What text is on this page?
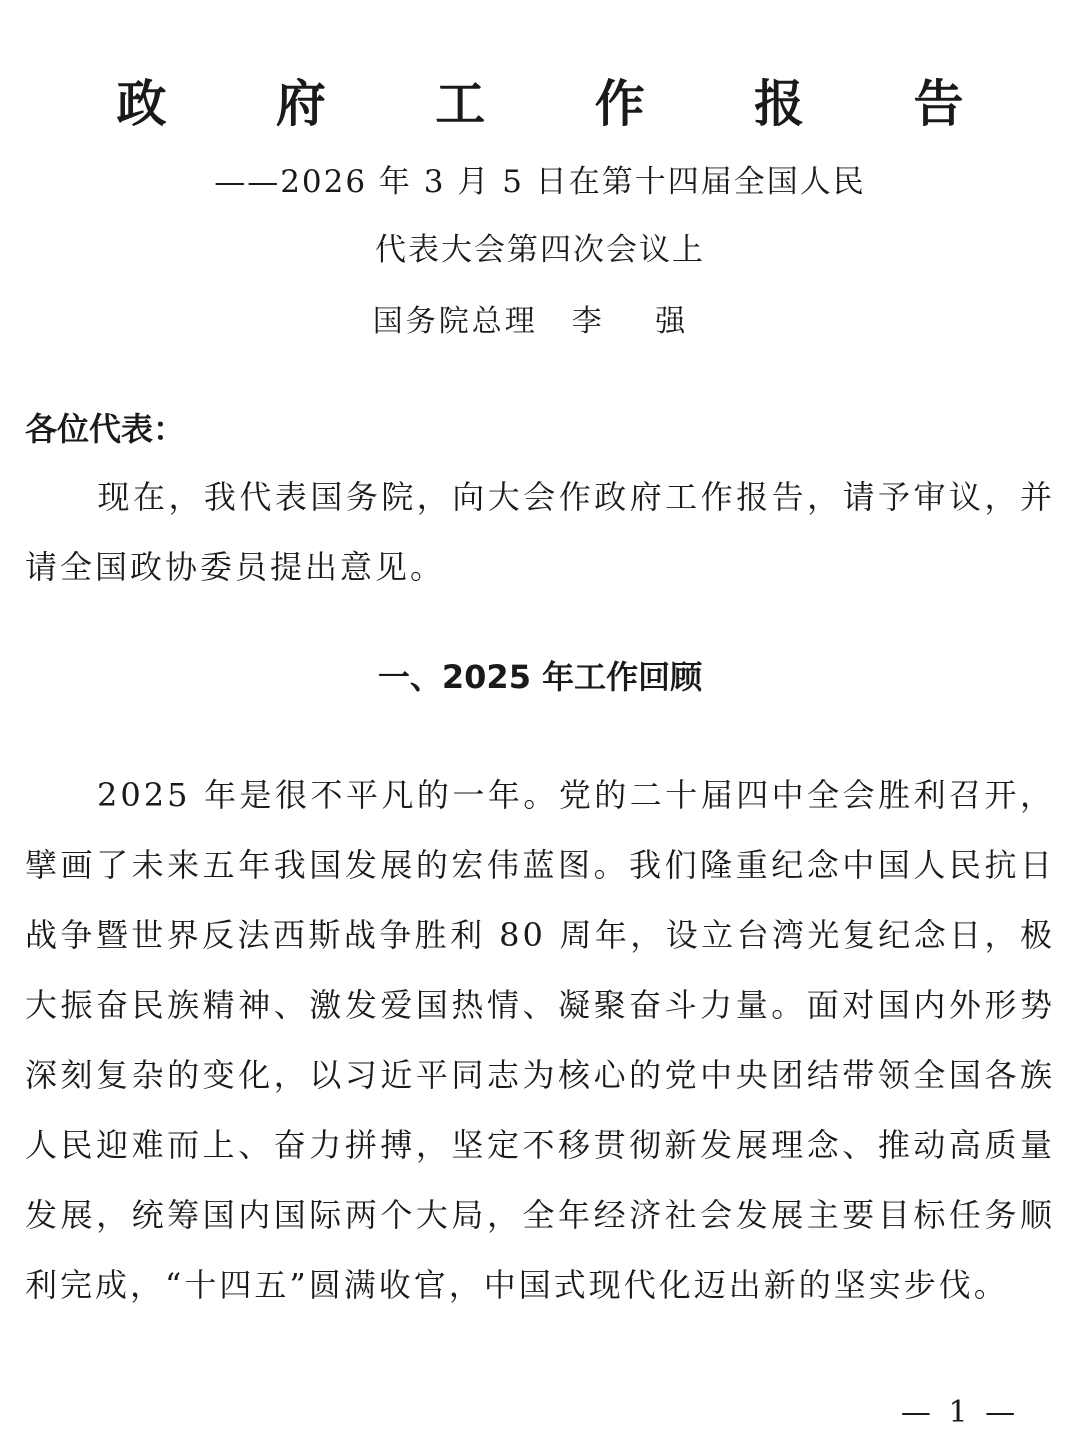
政 府 工 作 报 告
——2026 年 3 月 5 日在第十四届全国人民
代表大会第四次会议上
国务院总理 李 强
各位代表：
现在，我代表国务院，向大会作政府工作报告，请予审议，并请全国政协委员提出意见。
一、2025 年工作回顾
2025 年是很不平凡的一年。党的二十届四中全会胜利召开，擘画了未来五年我国发展的宏伟蓝图。我们隆重纪念中国人民抗日战争暨世界反法西斯战争胜利 80 周年，设立台湾光复纪念日，极大振奋民族精神、激发爱国热情、凝聚奋斗力量。面对国内外形势深刻复杂的变化，以习近平同志为核心的党中央团结带领全国各族人民迎难而上、奋力拼搏，坚定不移贯彻新发展理念、推动高质量发展，统筹国内国际两个大局，全年经济社会发展主要目标任务顺利完成，“十四五”圆满收官，中国式现代化迈出新的坚实步伐。
— 1 —
